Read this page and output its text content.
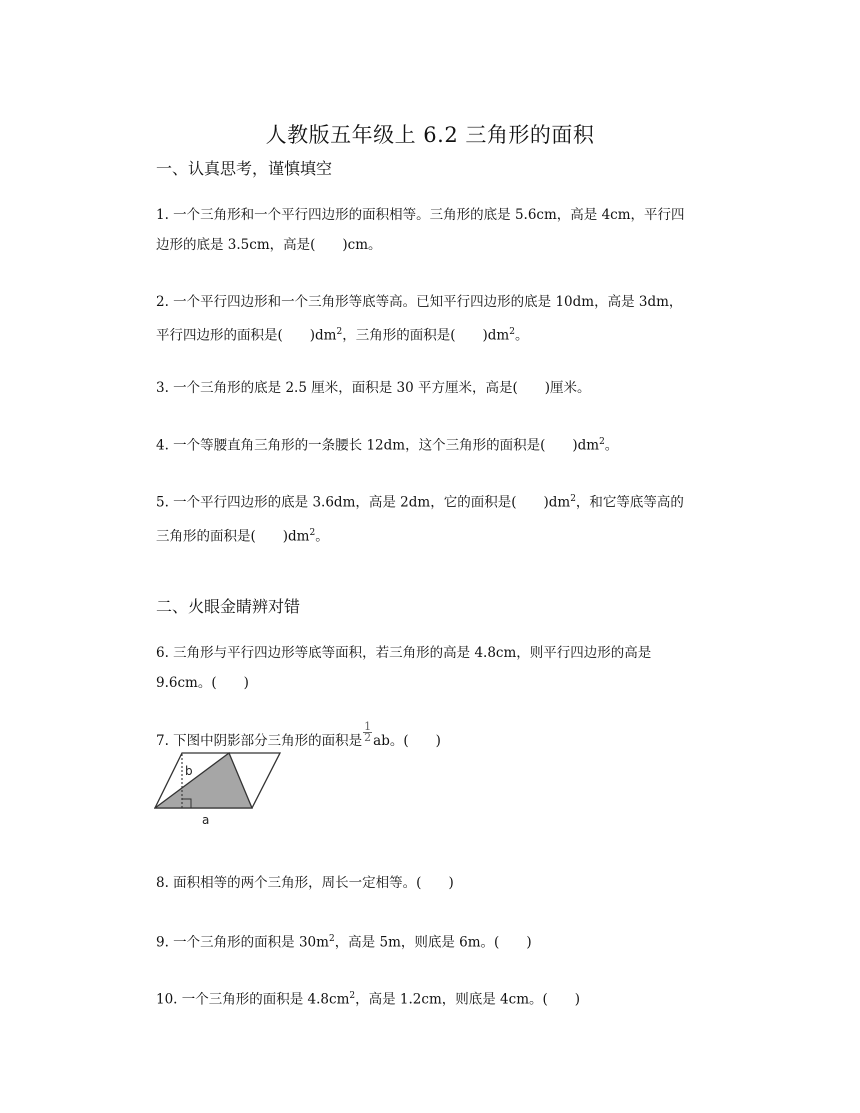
人教版五年级上 6.2 三角形的面积
一、认真思考，谨慎填空
1. 一个三角形和一个平行四边形的面积相等。三角形的底是 5.6cm，高是 4cm，平行四
边形的底是 3.5cm，高是(　　)cm。
2. 一个平行四边形和一个三角形等底等高。已知平行四边形的底是 10dm，高是 3dm，
平行四边形的面积是(　　)$dm^2$，三角形的面积是(　　)$dm^2$。
3. 一个三角形的底是 2.5 厘米，面积是 30 平方厘米，高是(　　)厘米。
4. 一个等腰直角三角形的一条腰长 12dm，这个三角形的面积是(　　)$dm^2$。
5. 一个平行四边形的底是 3.6dm，高是 2dm，它的面积是(　　)$dm^2$，和它等底等高的
三角形的面积是(　　)$dm^2$。
二、火眼金睛辨对错
6. 三角形与平行四边形等底等面积，若三角形的高是 4.8cm，则平行四边形的高是
9.6cm。(　　)
7. 下图中阴影部分三角形的面积是 $\frac{1}{2}$ ab。(　　)
b
a
8. 面积相等的两个三角形，周长一定相等。(　　)
9. 一个三角形的面积是 $30m^2$，高是 5m，则底是 6m。(　　)
10. 一个三角形的面积是 $4.8cm^2$，高是 1.2cm，则底是 4cm。(　　)
